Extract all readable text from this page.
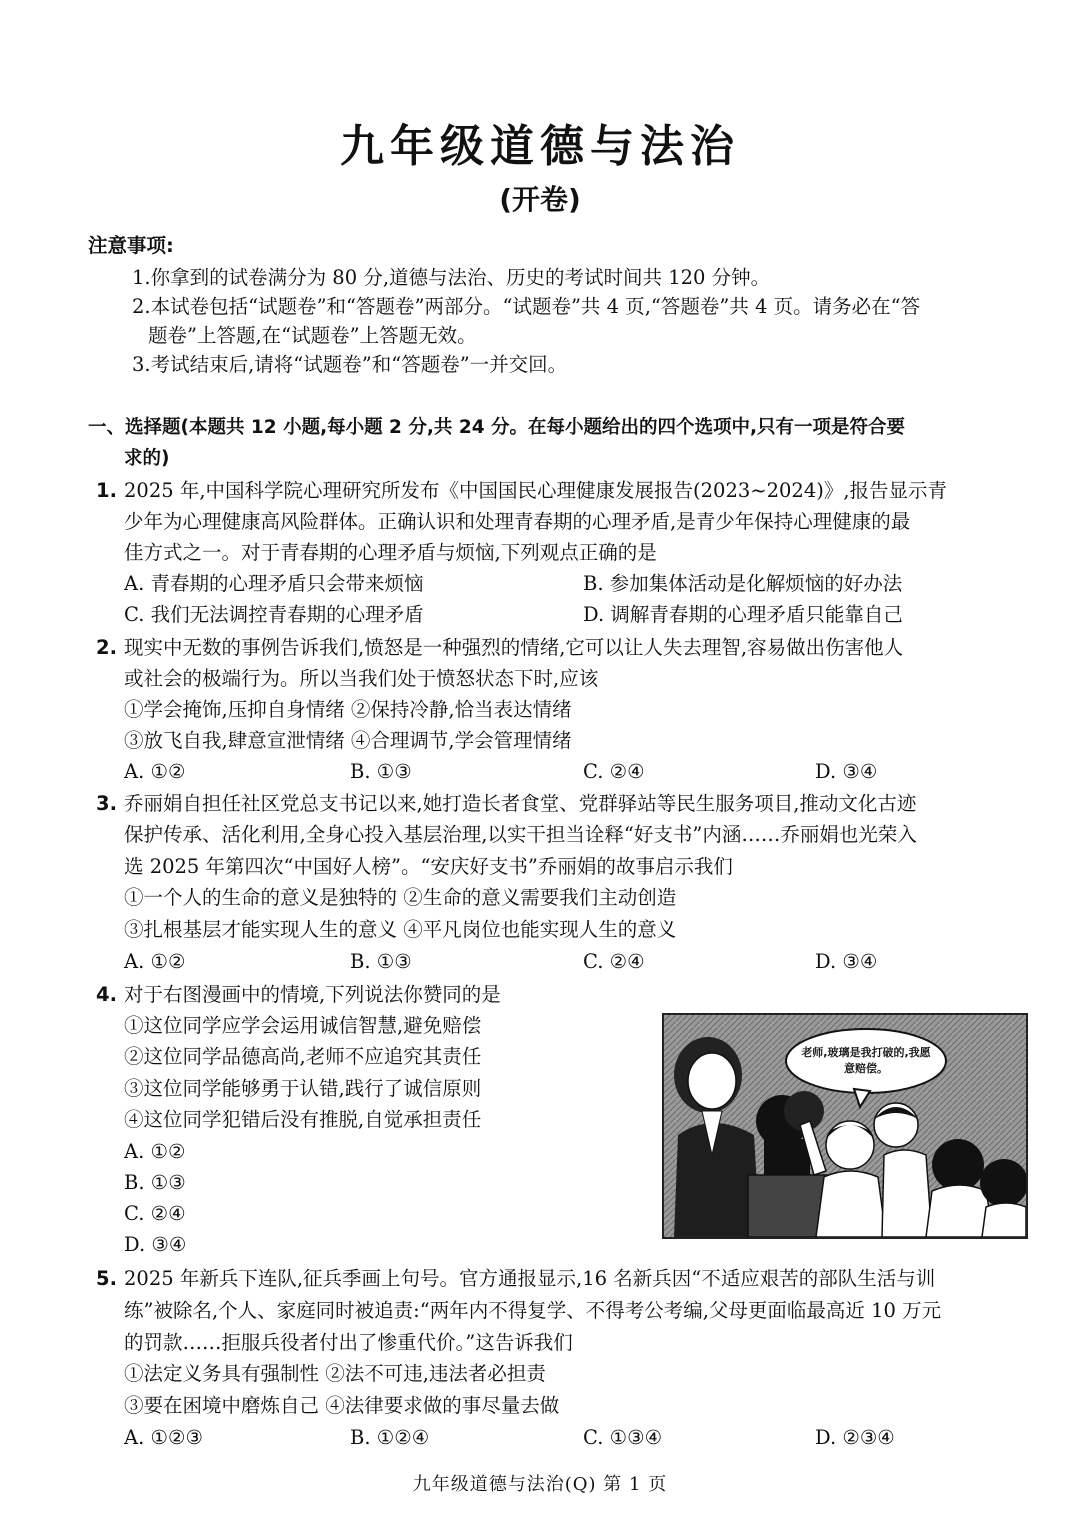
九年级道德与法治
(开卷)
注意事项:
1.你拿到的试卷满分为 80 分,道德与法治、历史的考试时间共 120 分钟。
2.本试卷包括“试题卷”和“答题卷”两部分。“试题卷”共 4 页,“答题卷”共 4 页。请务必在“答
题卷”上答题,在“试题卷”上答题无效。
3.考试结束后,请将“试题卷”和“答题卷”一并交回。
一、选择题(本题共 12 小题,每小题 2 分,共 24 分。在每小题给出的四个选项中,只有一项是符合要
求的)
1. 2025 年,中国科学院心理研究所发布《中国国民心理健康发展报告(2023~2024)》,报告显示青
少年为心理健康高风险群体。正确认识和处理青春期的心理矛盾,是青少年保持心理健康的最
佳方式之一。对于青春期的心理矛盾与烦恼,下列观点正确的是
A. 青春期的心理矛盾只会带来烦恼	B. 参加集体活动是化解烦恼的好办法
C. 我们无法调控青春期的心理矛盾	D. 调解青春期的心理矛盾只能靠自己
2. 现实中无数的事例告诉我们,愤怒是一种强烈的情绪,它可以让人失去理智,容易做出伤害他人
或社会的极端行为。所以当我们处于愤怒状态下时,应该
①学会掩饰,压抑自身情绪 ②保持冷静,恰当表达情绪
③放飞自我,肆意宣泄情绪 ④合理调节,学会管理情绪
A. ①②	B. ①③	C. ②④	D. ③④
3. 乔丽娟自担任社区党总支书记以来,她打造长者食堂、党群驿站等民生服务项目,推动文化古迹
保护传承、活化利用,全身心投入基层治理,以实干担当诠释“好支书”内涵……乔丽娟也光荣入
选 2025 年第四次“中国好人榜”。“安庆好支书”乔丽娟的故事启示我们
①一个人的生命的意义是独特的 ②生命的意义需要我们主动创造
③扎根基层才能实现人生的意义 ④平凡岗位也能实现人生的意义
A. ①②	B. ①③	C. ②④	D. ③④
4. 对于右图漫画中的情境,下列说法你赞同的是
①这位同学应学会运用诚信智慧,避免赔偿
②这位同学品德高尚,老师不应追究其责任
③这位同学能够勇于认错,践行了诚信原则
④这位同学犯错后没有推脱,自觉承担责任
A. ①②
B. ①③
C. ②④
D. ③④
老师,玻璃是我打破的,我愿意赔偿。
5. 2025 年新兵下连队,征兵季画上句号。官方通报显示,16 名新兵因“不适应艰苦的部队生活与训
练”被除名,个人、家庭同时被追责:“两年内不得复学、不得考公考编,父母更面临最高近 10 万元
的罚款……拒服兵役者付出了惨重代价。”这告诉我们
①法定义务具有强制性 ②法不可违,违法者必担责
③要在困境中磨炼自己 ④法律要求做的事尽量去做
A. ①②③	B. ①②④	C. ①③④	D. ②③④
九年级道德与法治(Q) 第 1 页
